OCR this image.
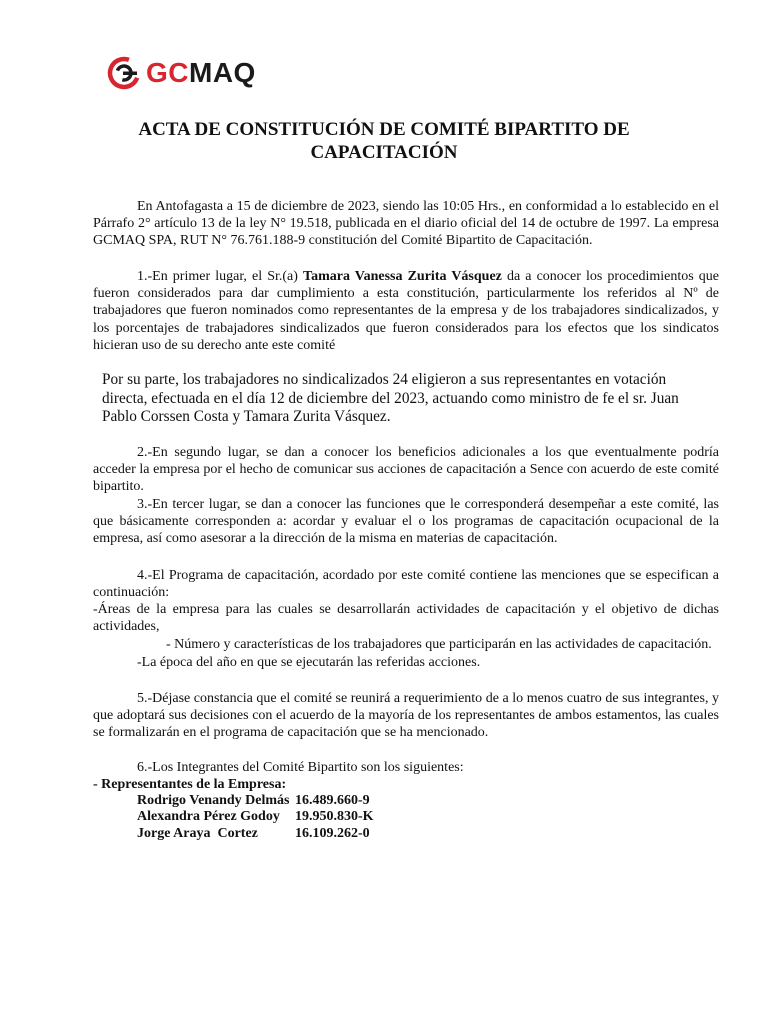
GCMAQ
ACTA DE CONSTITUCIÓN DE COMITÉ BIPARTITO DE CAPACITACIÓN

En Antofagasta a 15 de diciembre de 2023, siendo las 10:05 Hrs., en conformidad a lo establecido en el Párrafo 2° artículo 13 de la ley N° 19.518, publicada en el diario oficial del 14 de octubre de 1997. La empresa GCMAQ SPA, RUT N° 76.761.188-9 constitución del Comité Bipartito de Capacitación.

1.-En primer lugar, el Sr.(a) Tamara Vanessa Zurita Vásquez da a conocer los procedimientos que fueron considerados para dar cumplimiento a esta constitución, particularmente los referidos al Nº de trabajadores que fueron nominados como representantes de la empresa y de los trabajadores sindicalizados, y los porcentajes de trabajadores sindicalizados que fueron considerados para los efectos que los sindicatos hicieran uso de su derecho ante este comité

Por su parte, los trabajadores no sindicalizados 24 eligieron a sus representantes en votación directa, efectuada en el día 12 de diciembre del 2023, actuando como ministro de fe el sr. Juan Pablo Corssen Costa y Tamara Zurita Vásquez.

2.-En segundo lugar, se dan a conocer los beneficios adicionales a los que eventualmente podría acceder la empresa por el hecho de comunicar sus acciones de capacitación a Sence con acuerdo de este comité bipartito.

3.-En tercer lugar, se dan a conocer las funciones que le corresponderá desempeñar a este comité, las que básicamente corresponden a: acordar y evaluar el o los programas de capacitación ocupacional de la empresa, así como asesorar a la dirección de la misma en materias de capacitación.

4.-El Programa de capacitación, acordado por este comité contiene las menciones que se especifican a continuación:

-Áreas de la empresa para las cuales se desarrollarán actividades de capacitación y el objetivo de dichas actividades,

- Número y características de los trabajadores que participarán en las actividades de capacitación.

-La época del año en que se ejecutarán las referidas acciones.

5.-Déjase constancia que el comité se reunirá a requerimiento de a lo menos cuatro de sus integrantes, y que adoptará sus decisiones con el acuerdo de la mayoría de los representantes de ambos estamentos, las cuales se formalizarán en el programa de capacitación que se ha mencionado.

6.-Los Integrantes del Comité Bipartito son los siguientes:

- Representantes de la Empresa:
Rodrigo Venandy Delmás 16.489.660-9
Alexandra Pérez Godoy	19.950.830-K
Jorge Araya  Cortez	16.109.262-0
